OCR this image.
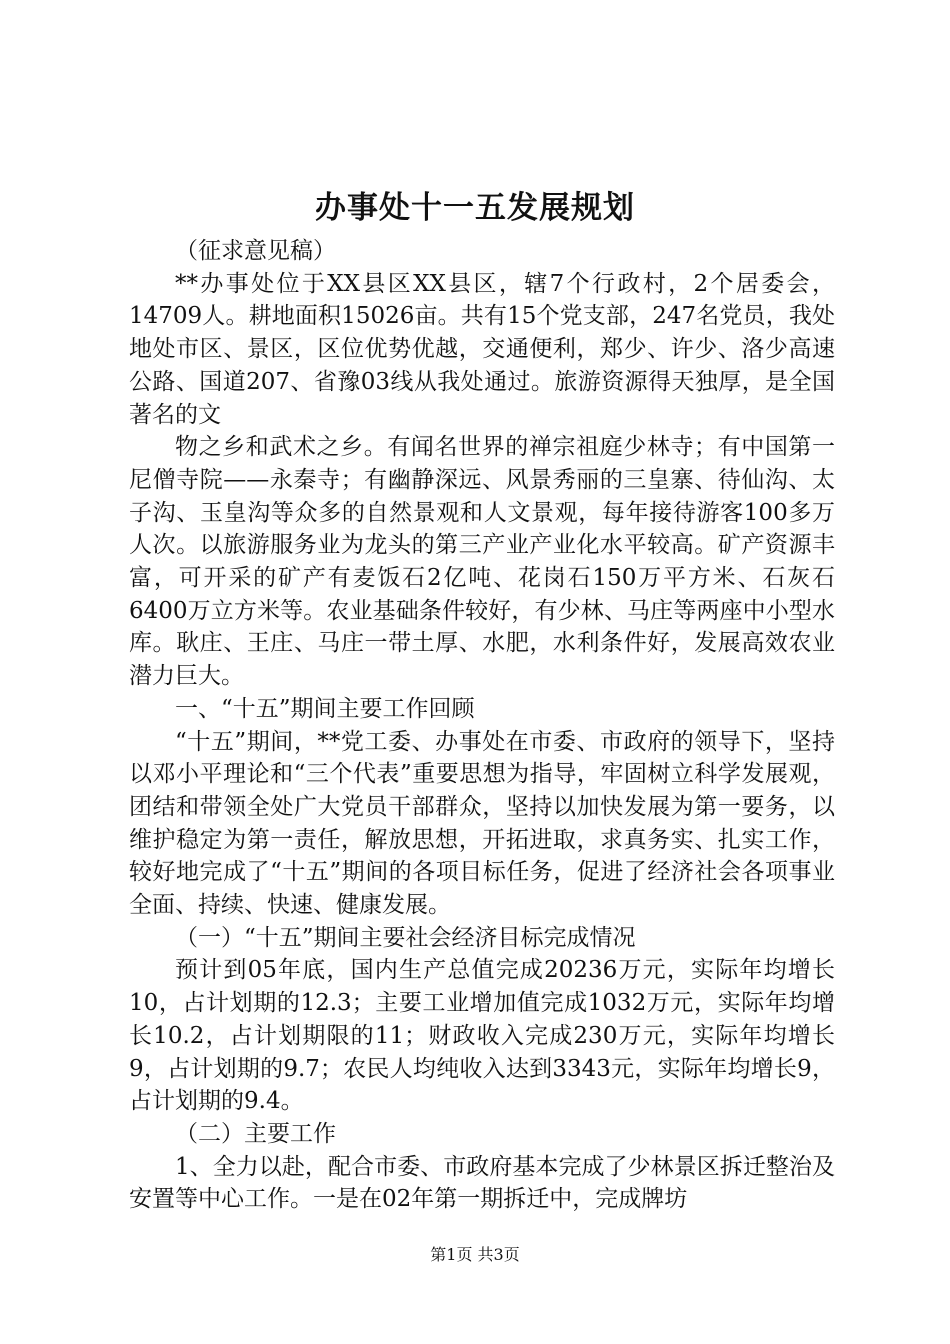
办事处十一五发展规划

（征求意见稿）

**办事处位于XX县区XX县区，辖7个行政村，2个居委会，14709人。耕地面积15026亩。共有15个党支部，247名党员，我处地处市区、景区，区位优势优越，交通便利，郑少、许少、洛少高速公路、国道207、省豫03线从我处通过。旅游资源得天独厚，是全国著名的文

物之乡和武术之乡。有闻名世界的禅宗祖庭少林寺；有中国第一尼僧寺院——永秦寺；有幽静深远、风景秀丽的三皇寨、待仙沟、太子沟、玉皇沟等众多的自然景观和人文景观，每年接待游客100多万人次。以旅游服务业为龙头的第三产业产业化水平较高。矿产资源丰富，可开采的矿产有麦饭石2亿吨、花岗石150万平方米、石灰石6400万立方米等。农业基础条件较好，有少林、马庄等两座中小型水库。耿庄、王庄、马庄一带土厚、水肥，水利条件好，发展高效农业潜力巨大。

一、“十五”期间主要工作回顾

“十五”期间，**党工委、办事处在市委、市政府的领导下，坚持以邓小平理论和“三个代表”重要思想为指导，牢固树立科学发展观，团结和带领全处广大党员干部群众，坚持以加快发展为第一要务，以维护稳定为第一责任，解放思想，开拓进取，求真务实、扎实工作，较好地完成了“十五”期间的各项目标任务，促进了经济社会各项事业全面、持续、快速、健康发展。

（一）“十五”期间主要社会经济目标完成情况

预计到05年底，国内生产总值完成20236万元，实际年均增长10，占计划期的12.3；主要工业增加值完成1032万元，实际年均增长10.2，占计划期限的11；财政收入完成230万元，实际年均增长9，占计划期的9.7；农民人均纯收入达到3343元，实际年均增长9，占计划期的9.4。

（二）主要工作

1、全力以赴，配合市委、市政府基本完成了少林景区拆迁整治及安置等中心工作。一是在02年第一期拆迁中，完成牌坊

第1页 共3页
